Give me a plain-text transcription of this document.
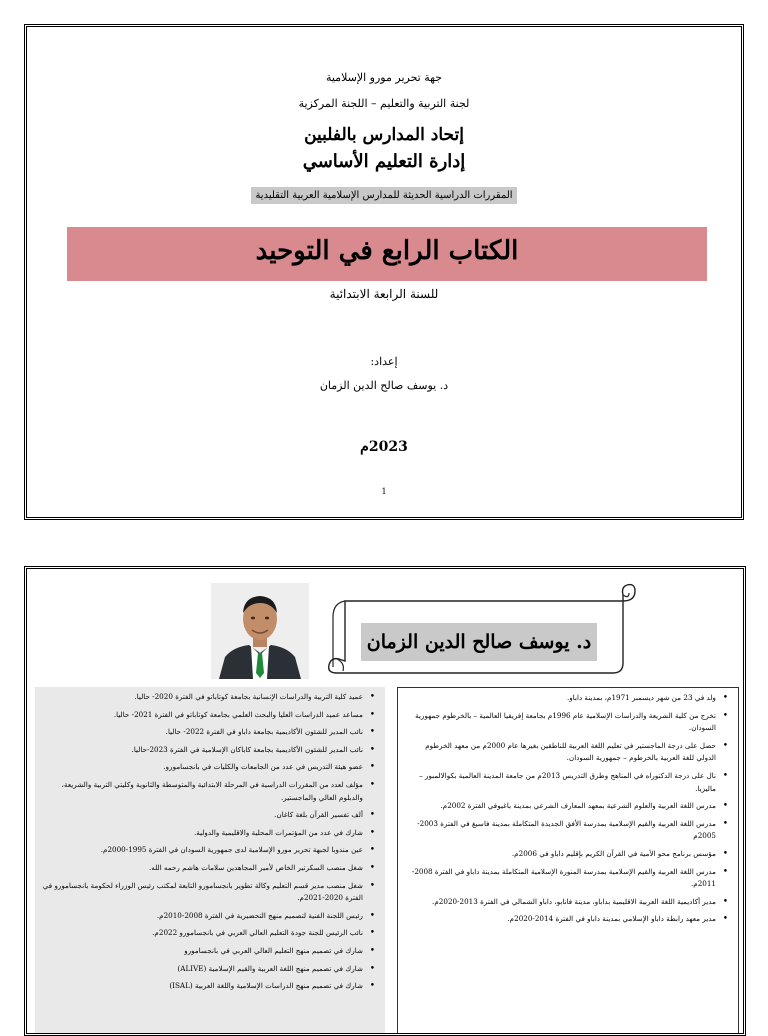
جهة تحرير مورو الإسلامية
لجنة التربية والتعليم – اللجنة المركزية
إتحاد المدارس بالفلبين
إدارة التعليم الأساسي
المقررات الدراسية الحديثة للمدارس الإسلامية العربية التقليدية
الكتاب الرابع في التوحيد
للسنة الرابعة الابتدائية
إعداد:
د. يوسف صالح الدين الزمان
2023م
1
د. يوسف صالح الدين الزمان
• ولد في 23 من شهر ديسمبر 1971م، بمدينة داباو.
• تخرج من كلية الشريعة والدراسات الإسلامية عام 1996م بجامعة إفريقيا العالمية – بالخرطوم جمهورية السودان.
• حصل على درجة الماجستير في تعليم اللغة العربية للناطقين بغيرها عام 2000م من معهد الخرطوم الدولي للغة العربية بالخرطوم – جمهورية السودان.
• نال على درجة الدكتوراه في المناهج وطرق التدريس 2013م من جامعة المدينة العالمية بكوالالمبور – ماليزيا.
• مدرس اللغة العربية والعلوم الشرعية بمعهد المعارف الشرعي بمدينة باغيوفي الفترة 2002م.
• مدرس اللغة العربية والقيم الإسلامية بمدرسة الأفق الجديدة المتكاملة بمدينة فاسيغ في الفترة 2003-2005م
• مؤسس برنامج محو الأمية في القرآن الكريم بإقليم داباو في 2006م.
• مدرس اللغة العربية والقيم الإسلامية بمدرسة المنورة الإسلامية المتكاملة بمدينة داباو في الفترة 2008-2011م.
• مدير أكاديمية اللغة العربية الاقليمية بداباو، مدينة فانابو، داباو الشمالي في الفترة 2013-2020م.
• مدير معهد رابطة داباو الإسلامي بمدينة داباو في الفترة 2014-2020م.
• عميد كلية التربية والدراسات الإنسانية بجامعة كوتاباتو في الفترة 2020- حاليا.
• مساعد عميد الدراسات العليا والبحث العلمي بجامعة كوتاباتو في الفترة 2021- حاليا.
• نائب المدير للشئون الأكاديمية بجامعة داباو في الفترة 2022- حاليا.
• نائب المدير للشئون الأكاديمية بجامعة كاباكان الإسلامية في الفترة 2023-حاليا.
• عضو هيئة التدريس في عدد من الجامعات والكليات في بانجسامورو.
• مؤلف لعدد من المقررات الدراسية في المرحلة الابتدائية والمتوسطة والثانوية وكليتي التربية والشريعة، والدبلوم العالي والماجستير.
• ألف تفسير القرآن بلغة كاغان.
• شارك في عدد من المؤتمرات المحلية والاقليمية والدولية.
• عين مندوبا لجبهة تحرير مورو الإسلامية لدى جمهورية السودان في الفترة 1995-2000م.
• شغل منصب السكرتير الخاص لأمير المجاهدين سلامات هاشم رحمه الله.
• شغل منصب مدير قسم التعليم وكالة تطوير بانجسامورو التابعة لمكتب رئيس الوزراء لحكومة بانجسامورو في الفترة 2020-2021م.
• رئيس اللجنة الفنية لتصميم منهج التحضيرية في الفترة 2008-2010م.
• نائب الرئيس للجنة جودة التعليم العالي العربي في بانجسامورو 2022م.
• شارك في تصميم منهج التعليم العالي العربي في بانجسامورو
• شارك في تصميم منهج اللغة العربية والقيم الإسلامية (ALIVE)
• شارك في تصميم منهج الدراسات الإسلامية واللغة العربية (ISAL)
